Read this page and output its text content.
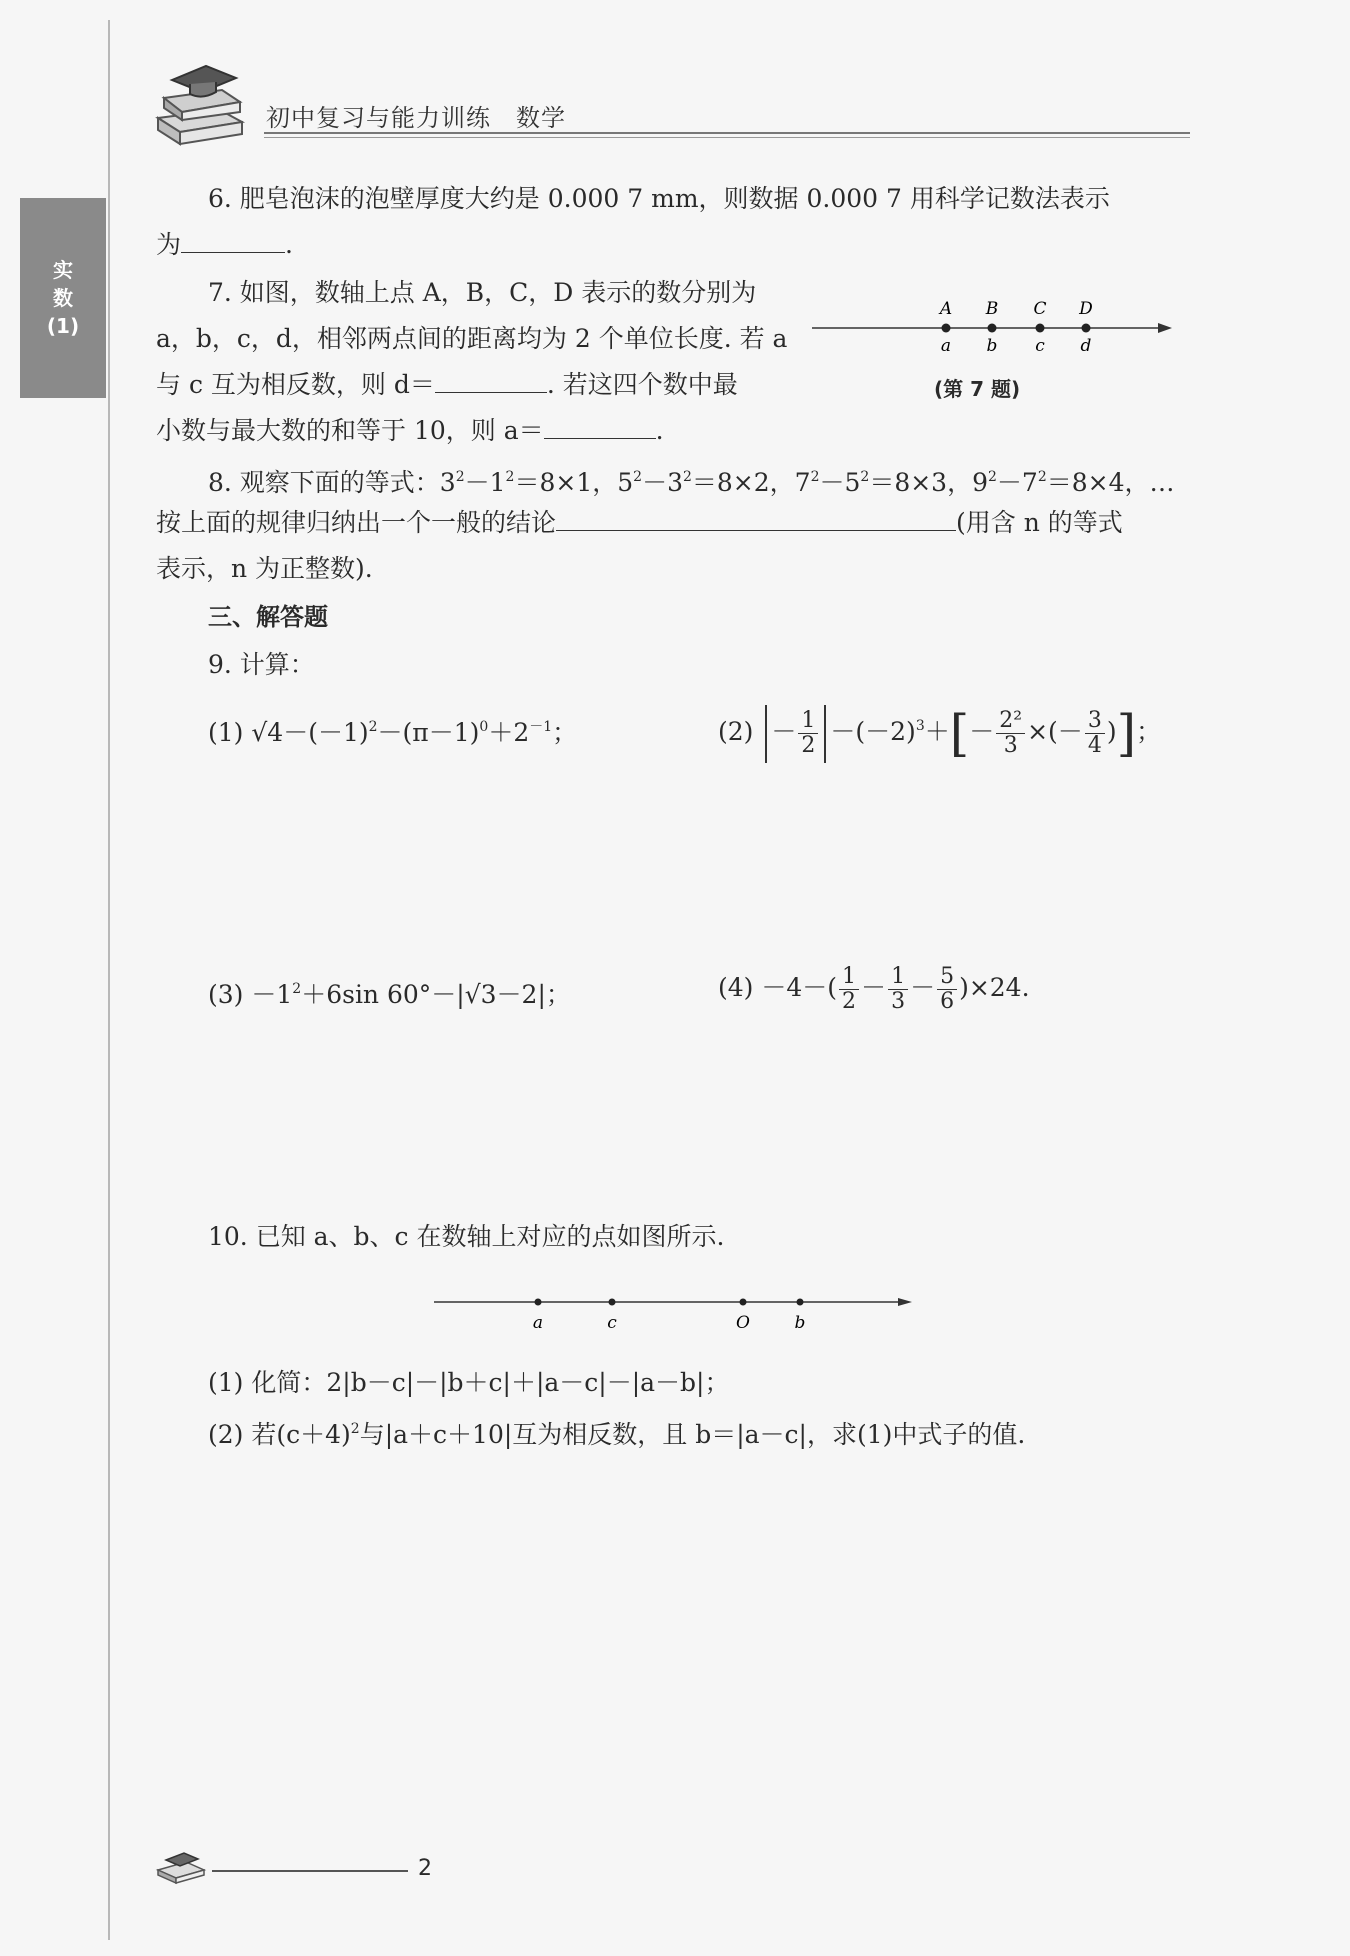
实
数
(1)
初中复习与能力训练　数学
6. 肥皂泡沫的泡壁厚度大约是 0.000 7 mm，则数据 0.000 7 用科学记数法表示
为	.
7. 如图，数轴上点 A，B，C，D 表示的数分别为
a，b，c，d，相邻两点间的距离均为 2 个单位长度. 若 a
与 c 互为相反数，则 d＝	. 若这四个数中最
小数与最大数的和等于 10，则 a＝	.
A B C D
a b c d
(第 7 题)
8. 观察下面的等式：$3^2-1^2=8\times 1$，$5^2-3^2=8\times 2$，$7^2-5^2=8\times 3$，$9^2-7^2=8\times 4$，…
按上面的规律归纳出一个一般的结论	(用含 n 的等式
表示，n 为正整数).
三、解答题
9. 计算：
(1) $√4-(-1)^2-(\pi-1)^0+2^{-1}$；	$(2) - \frac{1}{2} -(-2)^3+[- \frac{\text{2²}}{3}$ ×(－ $\frac{3}{4}$ )]；
$(3) -1^2+6\sin$ 60°－|√3－2|；	$(4) -4-( \frac{1}{2} - \frac{1}{3} - \frac{5}{6} )\times 24$.
10. 已知 a、b、c 在数轴上对应的点如图所示.
a	c	O	b
(1) 化简：2|b－c|－|b＋c|＋|a－c|－|a－b|；
(2) 若$(c+4)^2$与|a＋c＋10|互为相反数，且 b＝|a－c|，求(1)中式子的值.
2
